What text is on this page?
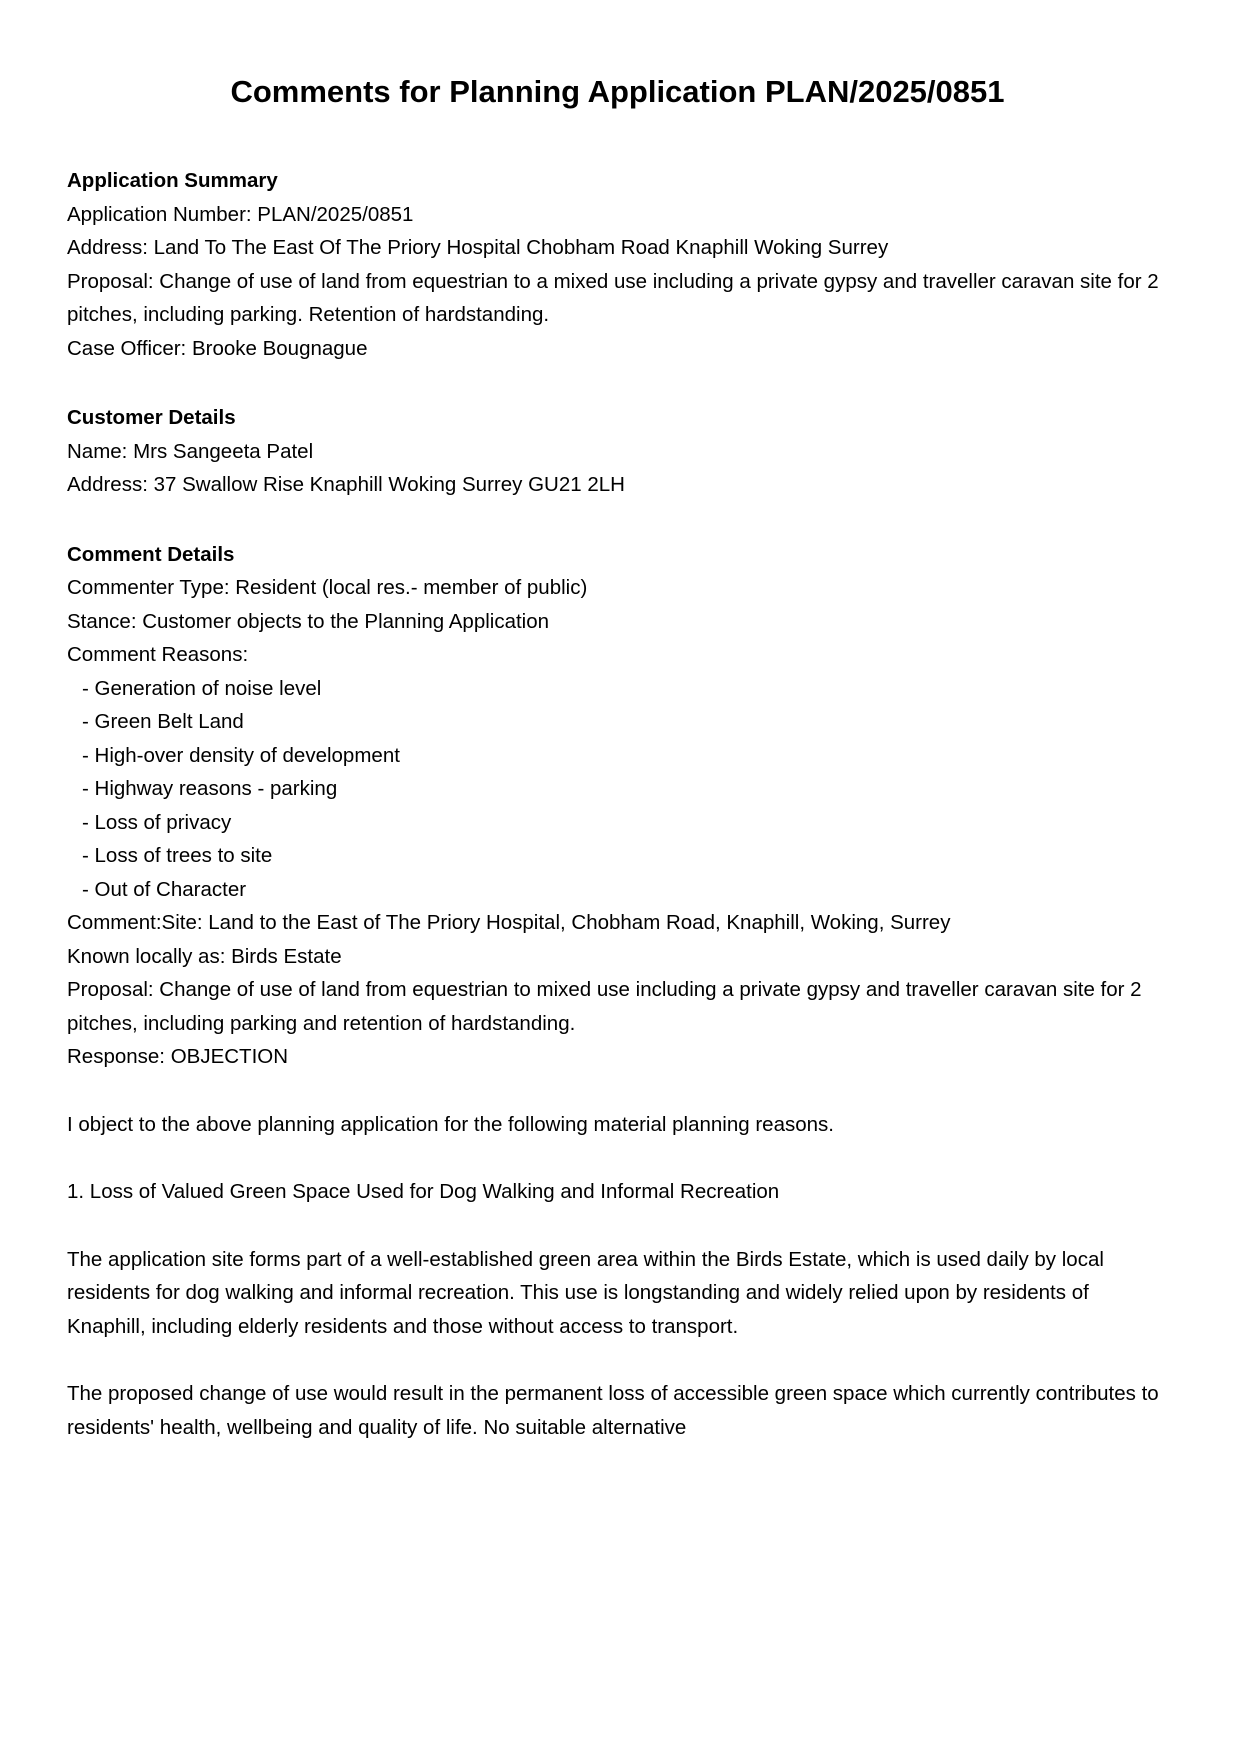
Comments for Planning Application PLAN/2025/0851
Application Summary

Application Number: PLAN/2025/0851

Address: Land To The East Of The Priory Hospital Chobham Road Knaphill Woking Surrey

Proposal: Change of use of land from equestrian to a mixed use including a private gypsy and traveller caravan site for 2 pitches, including parking. Retention of hardstanding.

Case Officer: Brooke Bougnague

Customer Details

Name: Mrs Sangeeta Patel

Address: 37 Swallow Rise Knaphill Woking Surrey GU21 2LH

Comment Details

Commenter Type: Resident (local res.- member of public)

Stance: Customer objects to the Planning Application

Comment Reasons:

- Generation of noise level

- Green Belt Land

- High-over density of development

- Highway reasons - parking

- Loss of privacy

- Loss of trees to site

- Out of Character

Comment:Site: Land to the East of The Priory Hospital, Chobham Road, Knaphill, Woking, Surrey

Known locally as: Birds Estate

Proposal: Change of use of land from equestrian to mixed use including a private gypsy and traveller caravan site for 2 pitches, including parking and retention of hardstanding.

Response: OBJECTION

I object to the above planning application for the following material planning reasons.

1. Loss of Valued Green Space Used for Dog Walking and Informal Recreation

The application site forms part of a well-established green area within the Birds Estate, which is used daily by local residents for dog walking and informal recreation. This use is longstanding and widely relied upon by residents of Knaphill, including elderly residents and those without access to transport.

The proposed change of use would result in the permanent loss of accessible green space which currently contributes to residents' health, wellbeing and quality of life. No suitable alternative
